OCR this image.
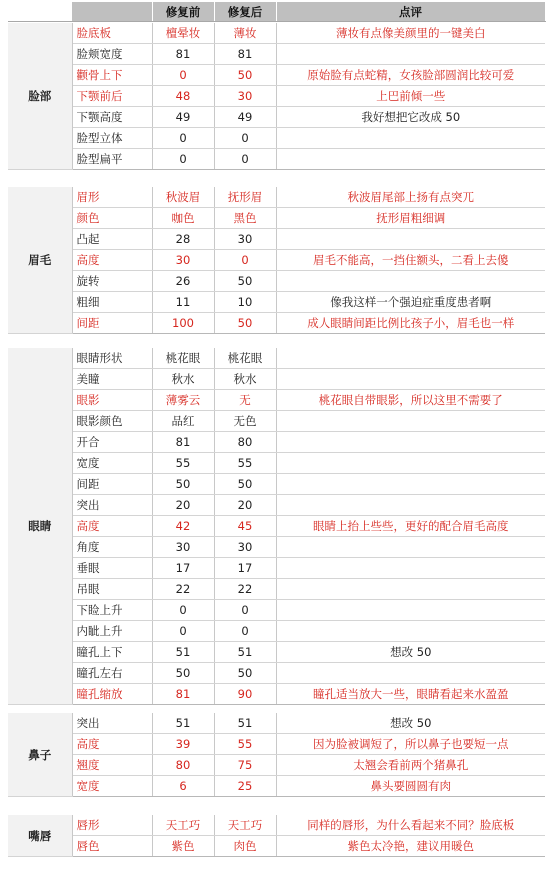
		修复前	修复后	点评
脸部	脸底板	檀晕妆	薄妆	薄妆有点像美颜里的一键美白
	脸颊宽度	81	81	
	颧骨上下	0	50	原始脸有点蛇精，女孩脸部圆润比较可爱
	下颚前后	48	30	上巴前倾一些
	下颚高度	49	49	我好想把它改成 50
	脸型立体	0	0	
	脸型扁平	0	0	
眉毛	眉形	秋波眉	抚形眉	秋波眉尾部上扬有点突兀
	颜色	咖色	黑色	抚形眉粗细调
	凸起	28	30	
	高度	30	0	眉毛不能高，一挡住额头，二看上去傻
	旋转	26	50	
	粗细	11	10	像我这样一个强迫症重度患者啊
	间距	100	50	成人眼睛间距比例比孩子小，眉毛也一样
眼睛	眼睛形状	桃花眼	桃花眼	
	美瞳	秋水	秋水	
	眼影	薄雾云	无	桃花眼自带眼影，所以这里不需要了
	眼影颜色	品红	无色	
	开合	81	80	
	宽度	55	55	
	间距	50	50	
	突出	20	20	
	高度	42	45	眼睛上抬上些些，更好的配合眉毛高度
	角度	30	30	
	垂眼	17	17	
	吊眼	22	22	
	下睑上升	0	0	
	内眦上升	0	0	
	瞳孔上下	51	51	想改 50
	瞳孔左右	50	50	
	瞳孔缩放	81	90	瞳孔适当放大一些，眼睛看起来水盈盈
鼻子	突出	51	51	想改 50
	高度	39	55	因为脸被调短了，所以鼻子也要短一点
	翘度	80	75	太翘会看前两个猪鼻孔
	宽度	6	25	鼻头要圆圆有肉
嘴唇	唇形	天工巧	天工巧	同样的唇形，为什么看起来不同？脸底板
	唇色	紫色	肉色	紫色太冷艳，建议用暖色
